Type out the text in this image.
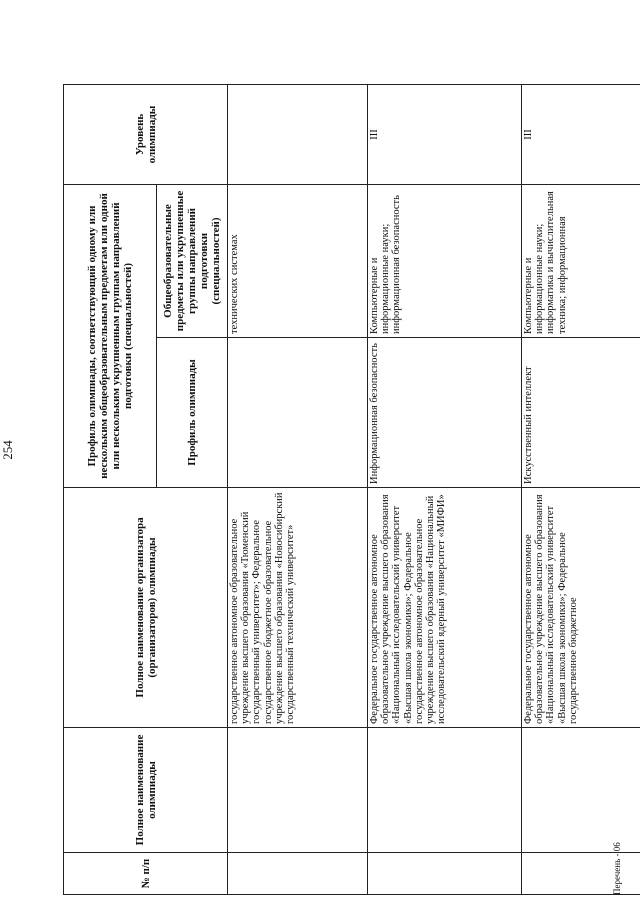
254
№ п/п	Полное наименование олимпиады	Полное наименование организатора (организаторов) олимпиады	Профиль олимпиады, соответствующий одному или нескольким общеобразовательным предметам или одной или нескольким укрупненным группам направлений подготовки (специальностей)		Уровень олимпиады
			Профиль олимпиады	Общеобразовательные предметы или укрупненные группы направлений подготовки (специальностей)	
		государственное автономное образовательное учреждение высшего образования «Тюменский государственный университет»; Федеральное государственное бюджетное образовательное учреждение высшего образования «Новосибирский государственный технический университет»		технических системах	
		Федеральное государственное автономное образовательное учреждение высшего образования «Национальный исследовательский университет «Высшая школа экономики»; Федеральное государственное автономное образовательное учреждение высшего образования «Национальный исследовательский ядерный университет «МИФИ»	Информационная безопасность	Компьютерные и информационные науки; информационная безопасность	III
		Федеральное государственное автономное образовательное учреждение высшего образования «Национальный исследовательский университет «Высшая школа экономики»; Федеральное государственное бюджетное	Искусственный интеллект	Компьютерные и информационные науки; информатика и вычислительная техника; информационная	III
Перечень - 06
